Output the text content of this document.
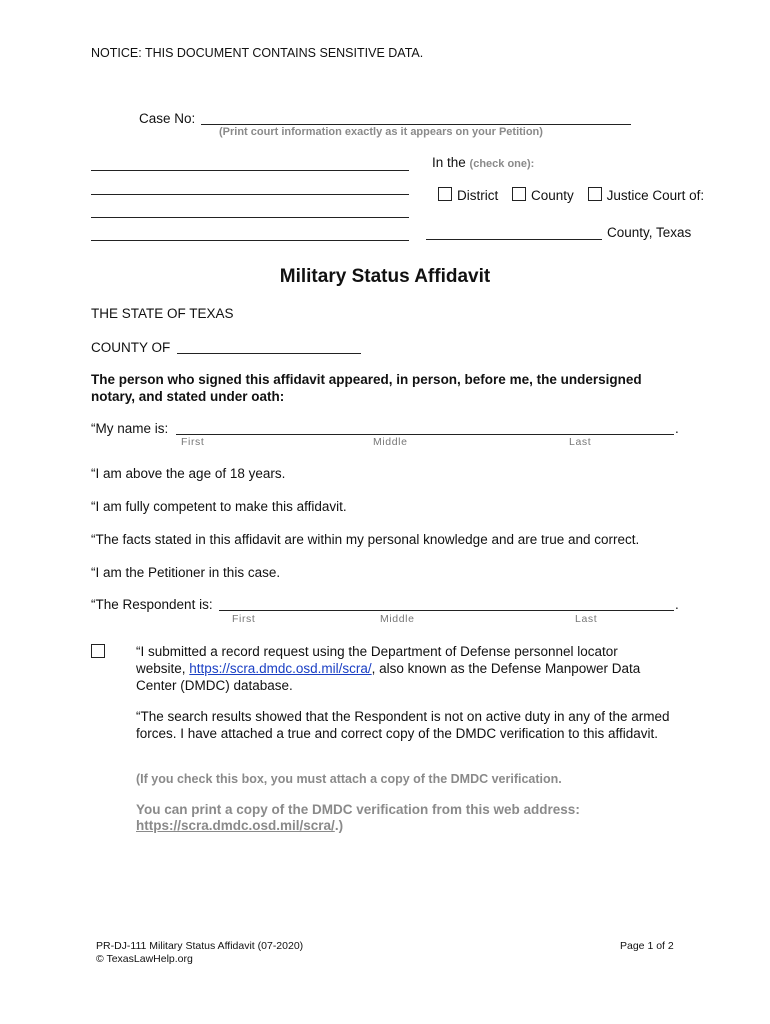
NOTICE: THIS DOCUMENT CONTAINS SENSITIVE DATA.
Case No:
(Print court information exactly as it appears on your Petition)
In the (check one):
District County Justice Court of:
County, Texas
Military Status Affidavit
THE STATE OF TEXAS
COUNTY OF
The person who signed this affidavit appeared, in person, before me, the undersigned notary, and stated under oath:
“My name is:	.
First	Middle	Last
“I am above the age of 18 years.
“I am fully competent to make this affidavit.
“The facts stated in this affidavit are within my personal knowledge and are true and correct.
“I am the Petitioner in this case.
“The Respondent is:	.
First	Middle	Last
“I submitted a record request using the Department of Defense personnel locator website, https://scra.dmdc.osd.mil/scra/, also known as the Defense Manpower Data Center (DMDC) database.
“The search results showed that the Respondent is not on active duty in any of the armed forces. I have attached a true and correct copy of the DMDC verification to this affidavit.
(If you check this box, you must attach a copy of the DMDC verification.
You can print a copy of the DMDC verification from this web address:
https://scra.dmdc.osd.mil/scra/.)
PR-DJ-111 Military Status Affidavit (07-2020)
© TexasLawHelp.org
Page 1 of 2
